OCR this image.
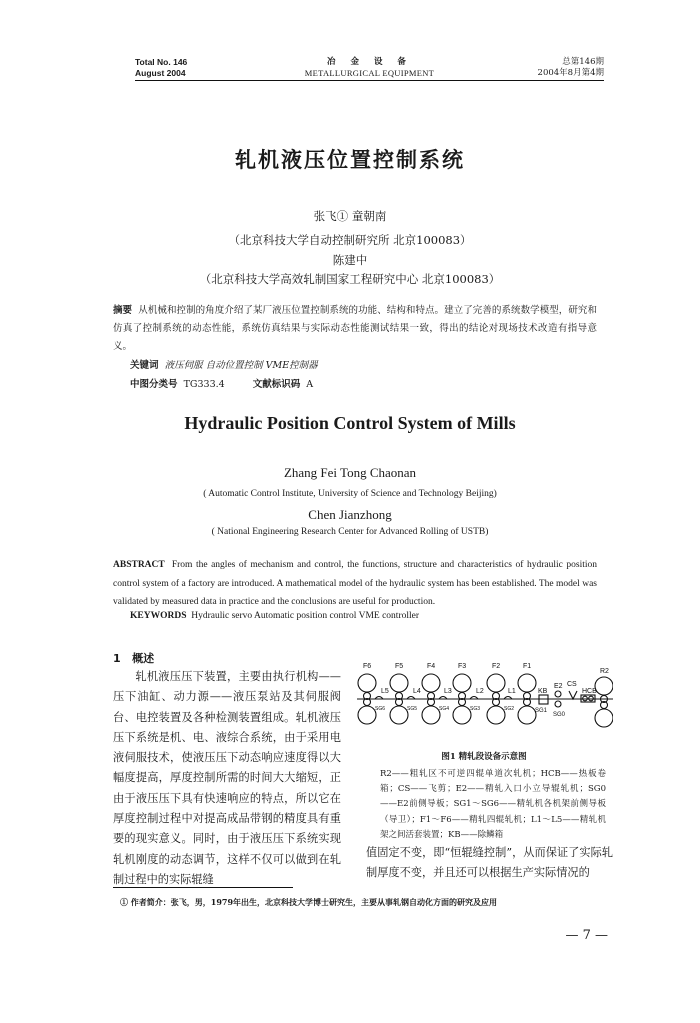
Total No. 146
August 2004
冶 金 设 备
METALLURGICAL EQUIPMENT
总第146期
2004年8月第4期
轧机液压位置控制系统
张飞① 童朝南
（北京科技大学自动控制研究所 北京100083）
陈建中
（北京科技大学高效轧制国家工程研究中心 北京100083）
摘要 从机械和控制的角度介绍了某厂液压位置控制系统的功能、结构和特点。建立了完善的系统数学模型，研究和仿真了控制系统的动态性能，系统仿真结果与实际动态性能测试结果一致，得出的结论对现场技术改造有指导意义。
关键词 液压伺服 自动位置控制 VME控制器
中图分类号 TG333.4	文献标识码 A
Hydraulic Position Control System of Mills
Zhang Fei Tong Chaonan
( Automatic Control Institute, University of Science and Technology Beijing)
Chen Jianzhong
( National Engineering Research Center for Advanced Rolling of USTB)
ABSTRACT From the angles of mechanism and control, the functions, structure and characteristics of hydraulic position control system of a factory are introduced. A mathematical model of the hydraulic system has been established. The model was validated by measured data in practice and the conclusions are useful for production.
KEYWORDS Hydraulic servo Automatic position control VME controller
1 概述

轧机液压压下装置，主要由执行机构——压下油缸、动力源——液压泵站及其伺服阀台、电控装置及各种检测装置组成。轧机液压压下系统是机、电、液综合系统，由于采用电液伺服技术，使液压压下动态响应速度得以大幅度提高，厚度控制所需的时间大大缩短，正由于液压压下具有快速响应的特点，所以它在厚度控制过程中对提高成品带钢的精度具有重要的现实意义。同时，由于液压压下系统实现轧机刚度的动态调节，这样不仅可以做到在轧制过程中的实际辊缝

F6	F5	F4	F3	F2	F1
R2
L5	L4	L3	L2	L1	KB
E2 CS
HCB
SG6	SG5	SG4	SG3	SG2	SG1
SG0
图1 精轧段设备示意图
R2——粗轧区不可逆四辊单道次轧机；HCB——热板卷箱；CS——飞剪；E2——精轧入口小立导辊轧机；SG0——E2前侧导板；SG1～SG6——精轧机各机架前侧导板（导卫）；F1～F6——精轧四辊轧机；L1～L5——精轧机架之间活套装置；KB——除鳞箱
值固定不变，即“恒辊缝控制”，从而保证了实际轧制厚度不变，并且还可以根据生产实际情况的
① 作者简介：张飞，男，1979年出生，北京科技大学博士研究生，主要从事轧钢自动化方面的研究及应用
— 7 —
